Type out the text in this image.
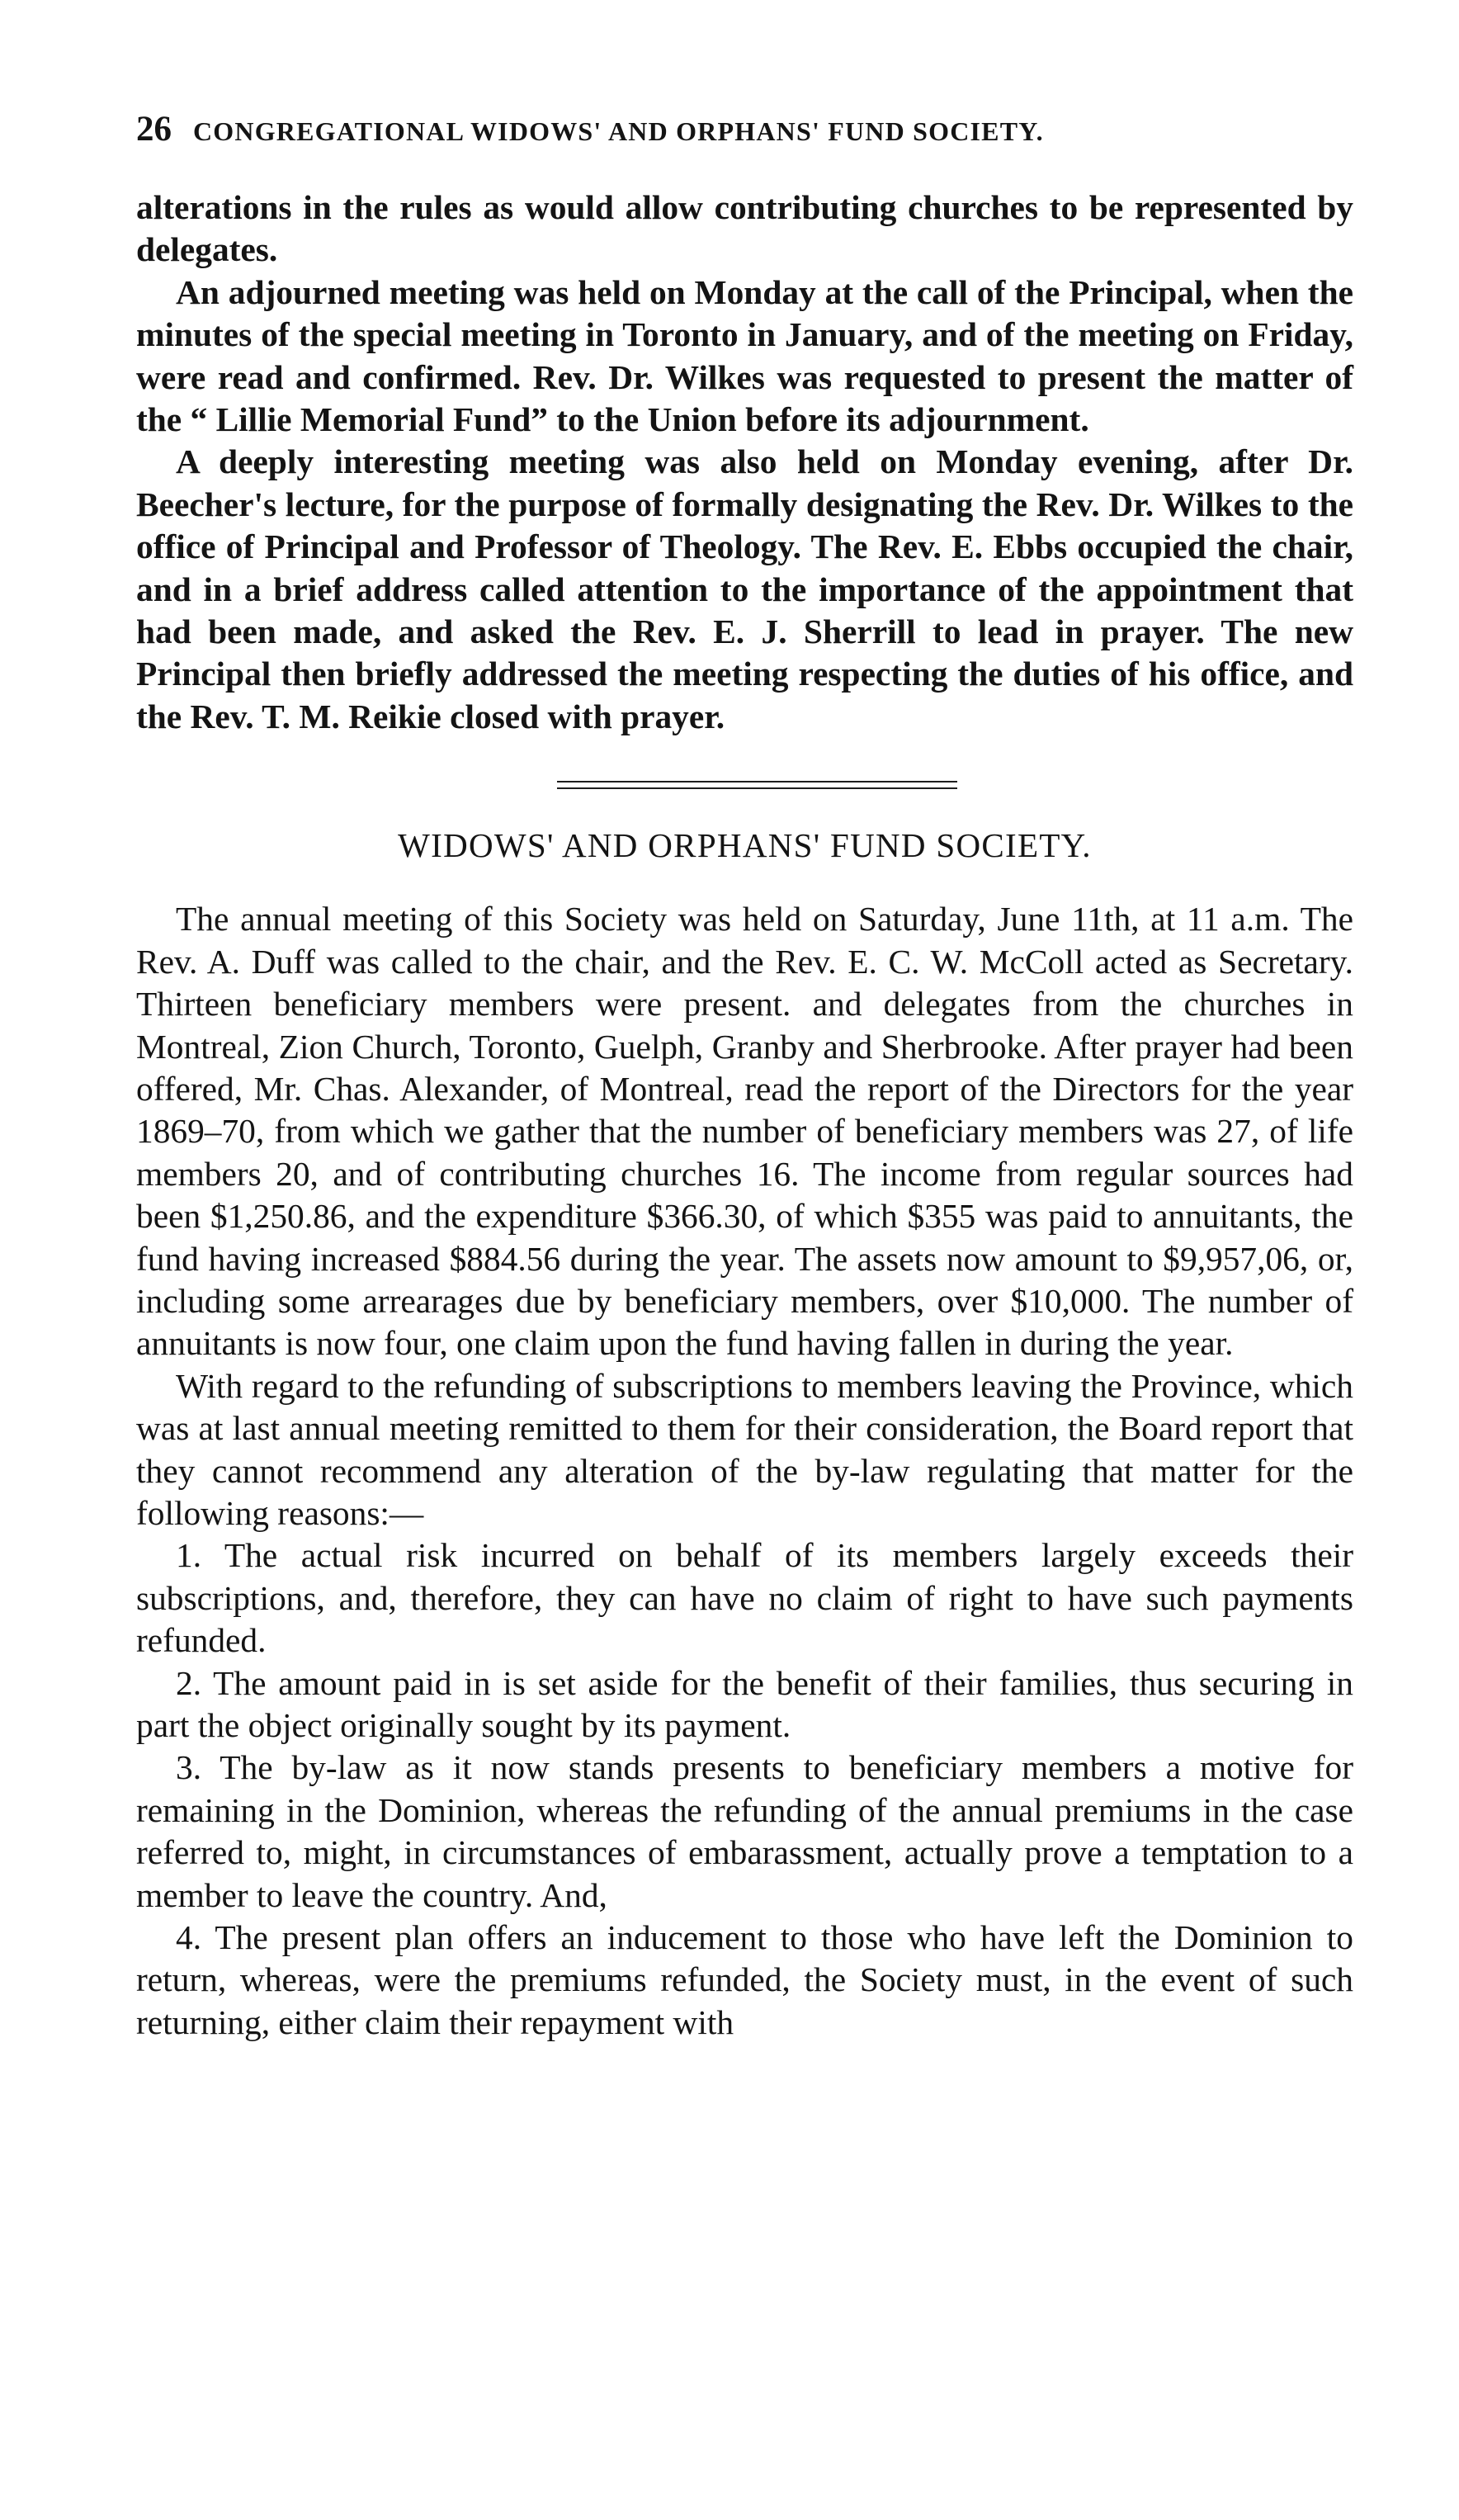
26 CONGREGATIONAL WIDOWS' AND ORPHANS' FUND SOCIETY.

alterations in the rules as would allow contributing churches to be represented by delegates.

An adjourned meeting was held on Monday at the call of the Principal, when the minutes of the special meeting in Toronto in January, and of the meeting on Friday, were read and confirmed. Rev. Dr. Wilkes was requested to present the matter of the “ Lillie Memorial Fund” to the Union before its adjournment.

A deeply interesting meeting was also held on Monday evening, after Dr. Beecher's lecture, for the purpose of formally designating the Rev. Dr. Wilkes to the office of Principal and Professor of Theology. The Rev. E. Ebbs occupied the chair, and in a brief address called attention to the importance of the appointment that had been made, and asked the Rev. E. J. Sherrill to lead in prayer. The new Principal then briefly addressed the meeting respecting the duties of his office, and the Rev. T. M. Reikie closed with prayer.

WIDOWS' AND ORPHANS' FUND SOCIETY.

The annual meeting of this Society was held on Saturday, June 11th, at 11 a.m. The Rev. A. Duff was called to the chair, and the Rev. E. C. W. McColl acted as Secretary. Thirteen beneficiary members were present. and delegates from the churches in Montreal, Zion Church, Toronto, Guelph, Granby and Sherbrooke. After prayer had been offered, Mr. Chas. Alexander, of Montreal, read the report of the Directors for the year 1869–70, from which we gather that the number of beneficiary members was 27, of life members 20, and of contributing churches 16. The income from regular sources had been $1,250.86, and the expenditure $366.30, of which $355 was paid to annuitants, the fund having increased $884.56 during the year. The assets now amount to $9,957,06, or, including some arrearages due by beneficiary members, over $10,000. The number of annuitants is now four, one claim upon the fund having fallen in during the year.

With regard to the refunding of subscriptions to members leaving the Province, which was at last annual meeting remitted to them for their consideration, the Board report that they cannot recommend any alteration of the by-law regulating that matter for the following reasons:—

1. The actual risk incurred on behalf of its members largely exceeds their subscriptions, and, therefore, they can have no claim of right to have such payments refunded.

2. The amount paid in is set aside for the benefit of their families, thus securing in part the object originally sought by its payment.

3. The by-law as it now stands presents to beneficiary members a motive for remaining in the Dominion, whereas the refunding of the annual premiums in the case referred to, might, in circumstances of embarassment, actually prove a temptation to a member to leave the country. And,

4. The present plan offers an inducement to those who have left the Dominion to return, whereas, were the premiums refunded, the Society must, in the event of such returning, either claim their repayment with
